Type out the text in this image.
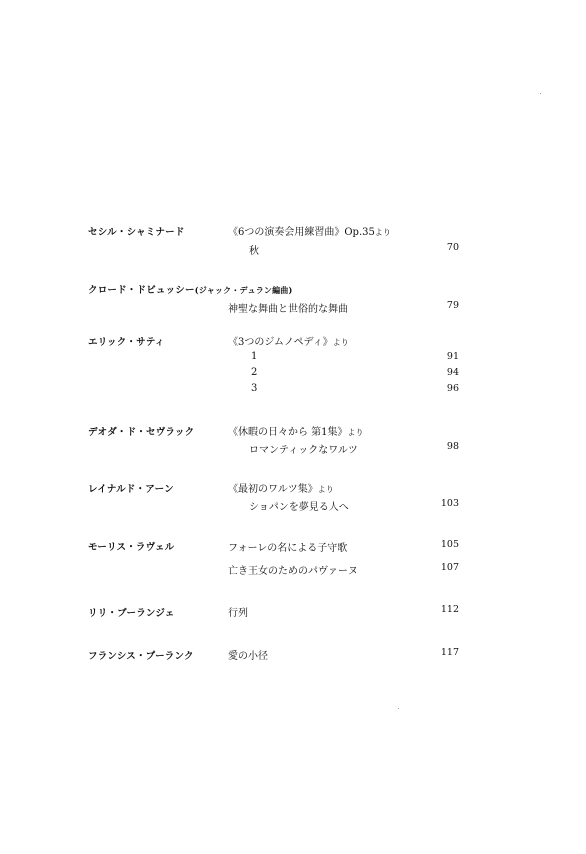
セシル・シャミナード	《6つの演奏会用練習曲》Op.35より
秋	70
クロード・ドビュッシー(ジャック・デュラン編曲)
神聖な舞曲と世俗的な舞曲	79
エリック・サティ	《3つのジムノペディ》より
1	91
2	94
3	96
デオダ・ド・セヴラック	《休暇の日々から 第1集》より
ロマンティックなワルツ	98
レイナルド・アーン	《最初のワルツ集》より
ショパンを夢見る人へ	103
モーリス・ラヴェル	フォーレの名による子守歌	105
亡き王女のためのパヴァーヌ	107
リリ・ブーランジェ	行列	112
フランシス・プーランク	愛の小径	117
